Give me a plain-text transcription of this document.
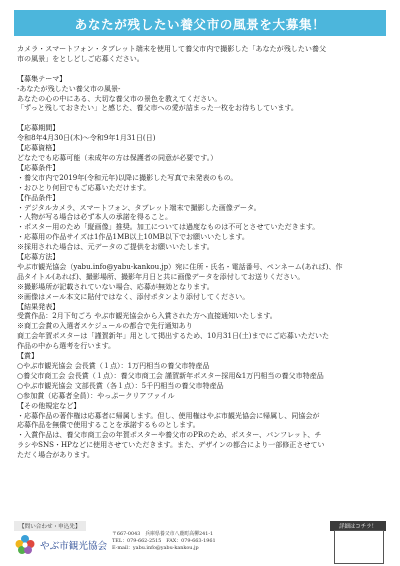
あなたが残したい養父市の風景を大募集！
カメラ・スマートフォン・タブレット端末を使用して養父市内で撮影した「あなたが残したい養父
市の風景」をとしどしご応募ください。
【募集テーマ】
-あなたが残したい養父市の風景-
あなたの心の中にある、大切な養父市の景色を教えてください。
「ずっと残しておきたい」と感じた、養父市への愛が詰まった一枚をお待ちしています。
【応募期間】
令和8年4月30日(木)～令和9年1月31日(日)
【応募資格】
どなたでも応募可能（未成年の方は保護者の同意が必要です。）
【応募条件】
・養父市内で2019年(令和元年)以降に撮影した写真で未発表のもの。
・おひとり何回でもご応募いただけます。
【作品条件】
・デジタルカメラ、スマートフォン、タブレット端末で撮影した画像データ。
・人物が写る場合は必ず本人の承諾を得ること。
・ポスター用のため「縦画像」推奨。加工については過度なものは不可とさせていただきます。
・応募用の作品サイズは1作品1MB以上10MB以下でお願いいたします。
※採用された場合は、元データのご提供をお願いいたします。
【応募方法】
やぶ市観光協会（yabu.info@yabu-kankou.jp）宛に住所・氏名・電話番号、ペンネーム(あれば)、作
品タイトル(あれば)、撮影場所、撮影年月日と共に画像データを添付してお送りください。
※撮影場所が記載されていない場合、応募が無効となります。
※画像はメール本文に貼付ではなく、添付ポタンより添付してください。
【結果発表】
受賞作品：2月下旬ごろ やぶ市観光協会から入賞された方へ直接通知いたします。
※商工会賞の入選者スケジュールの都合で先行通知あり
商工会年賀ポスターは「謹賀新年」用として掲出するため、10月31日(土)までにご応募いただいた
作品の中から選考を行います。
【賞】
○やぶ市観光協会 会長賞（１点）：1万円相当の養父市特産品
○養父市商工会 会長賞（１点）：養父市商工会 謹賀新年ポスター採用&1万円相当の養父市特産品
○やぶ市観光協会 文部長賞（各１点）：5千円相当の養父市特産品
○参加賞（応募者全員）：やっぷークリアファイル
【その他規定など】
・応募作品の著作権は応募者に帰属します。但し、使用権はやぶ市観光協会に帰属し、同協会が
応募作品を無償で使用することを承諾するものとします。
・入賞作品は、養父市商工会の年賀ポスターや養父市のPRのため、ポスター、パンフレット、チ
ラシやSNS・HPなどに使用させていただきます。また、デザインの都合により一部修正させてい
ただく場合があります。
【問い合わせ・申込先】
やぶ市観光協会
〒667-0043　兵庫県養父市八鹿町高柳241-1
TEL：079-662-2515　FAX：079-663-1961
E-mail：yabu.info@yabu-kankou.jp
詳細はコチラ！
